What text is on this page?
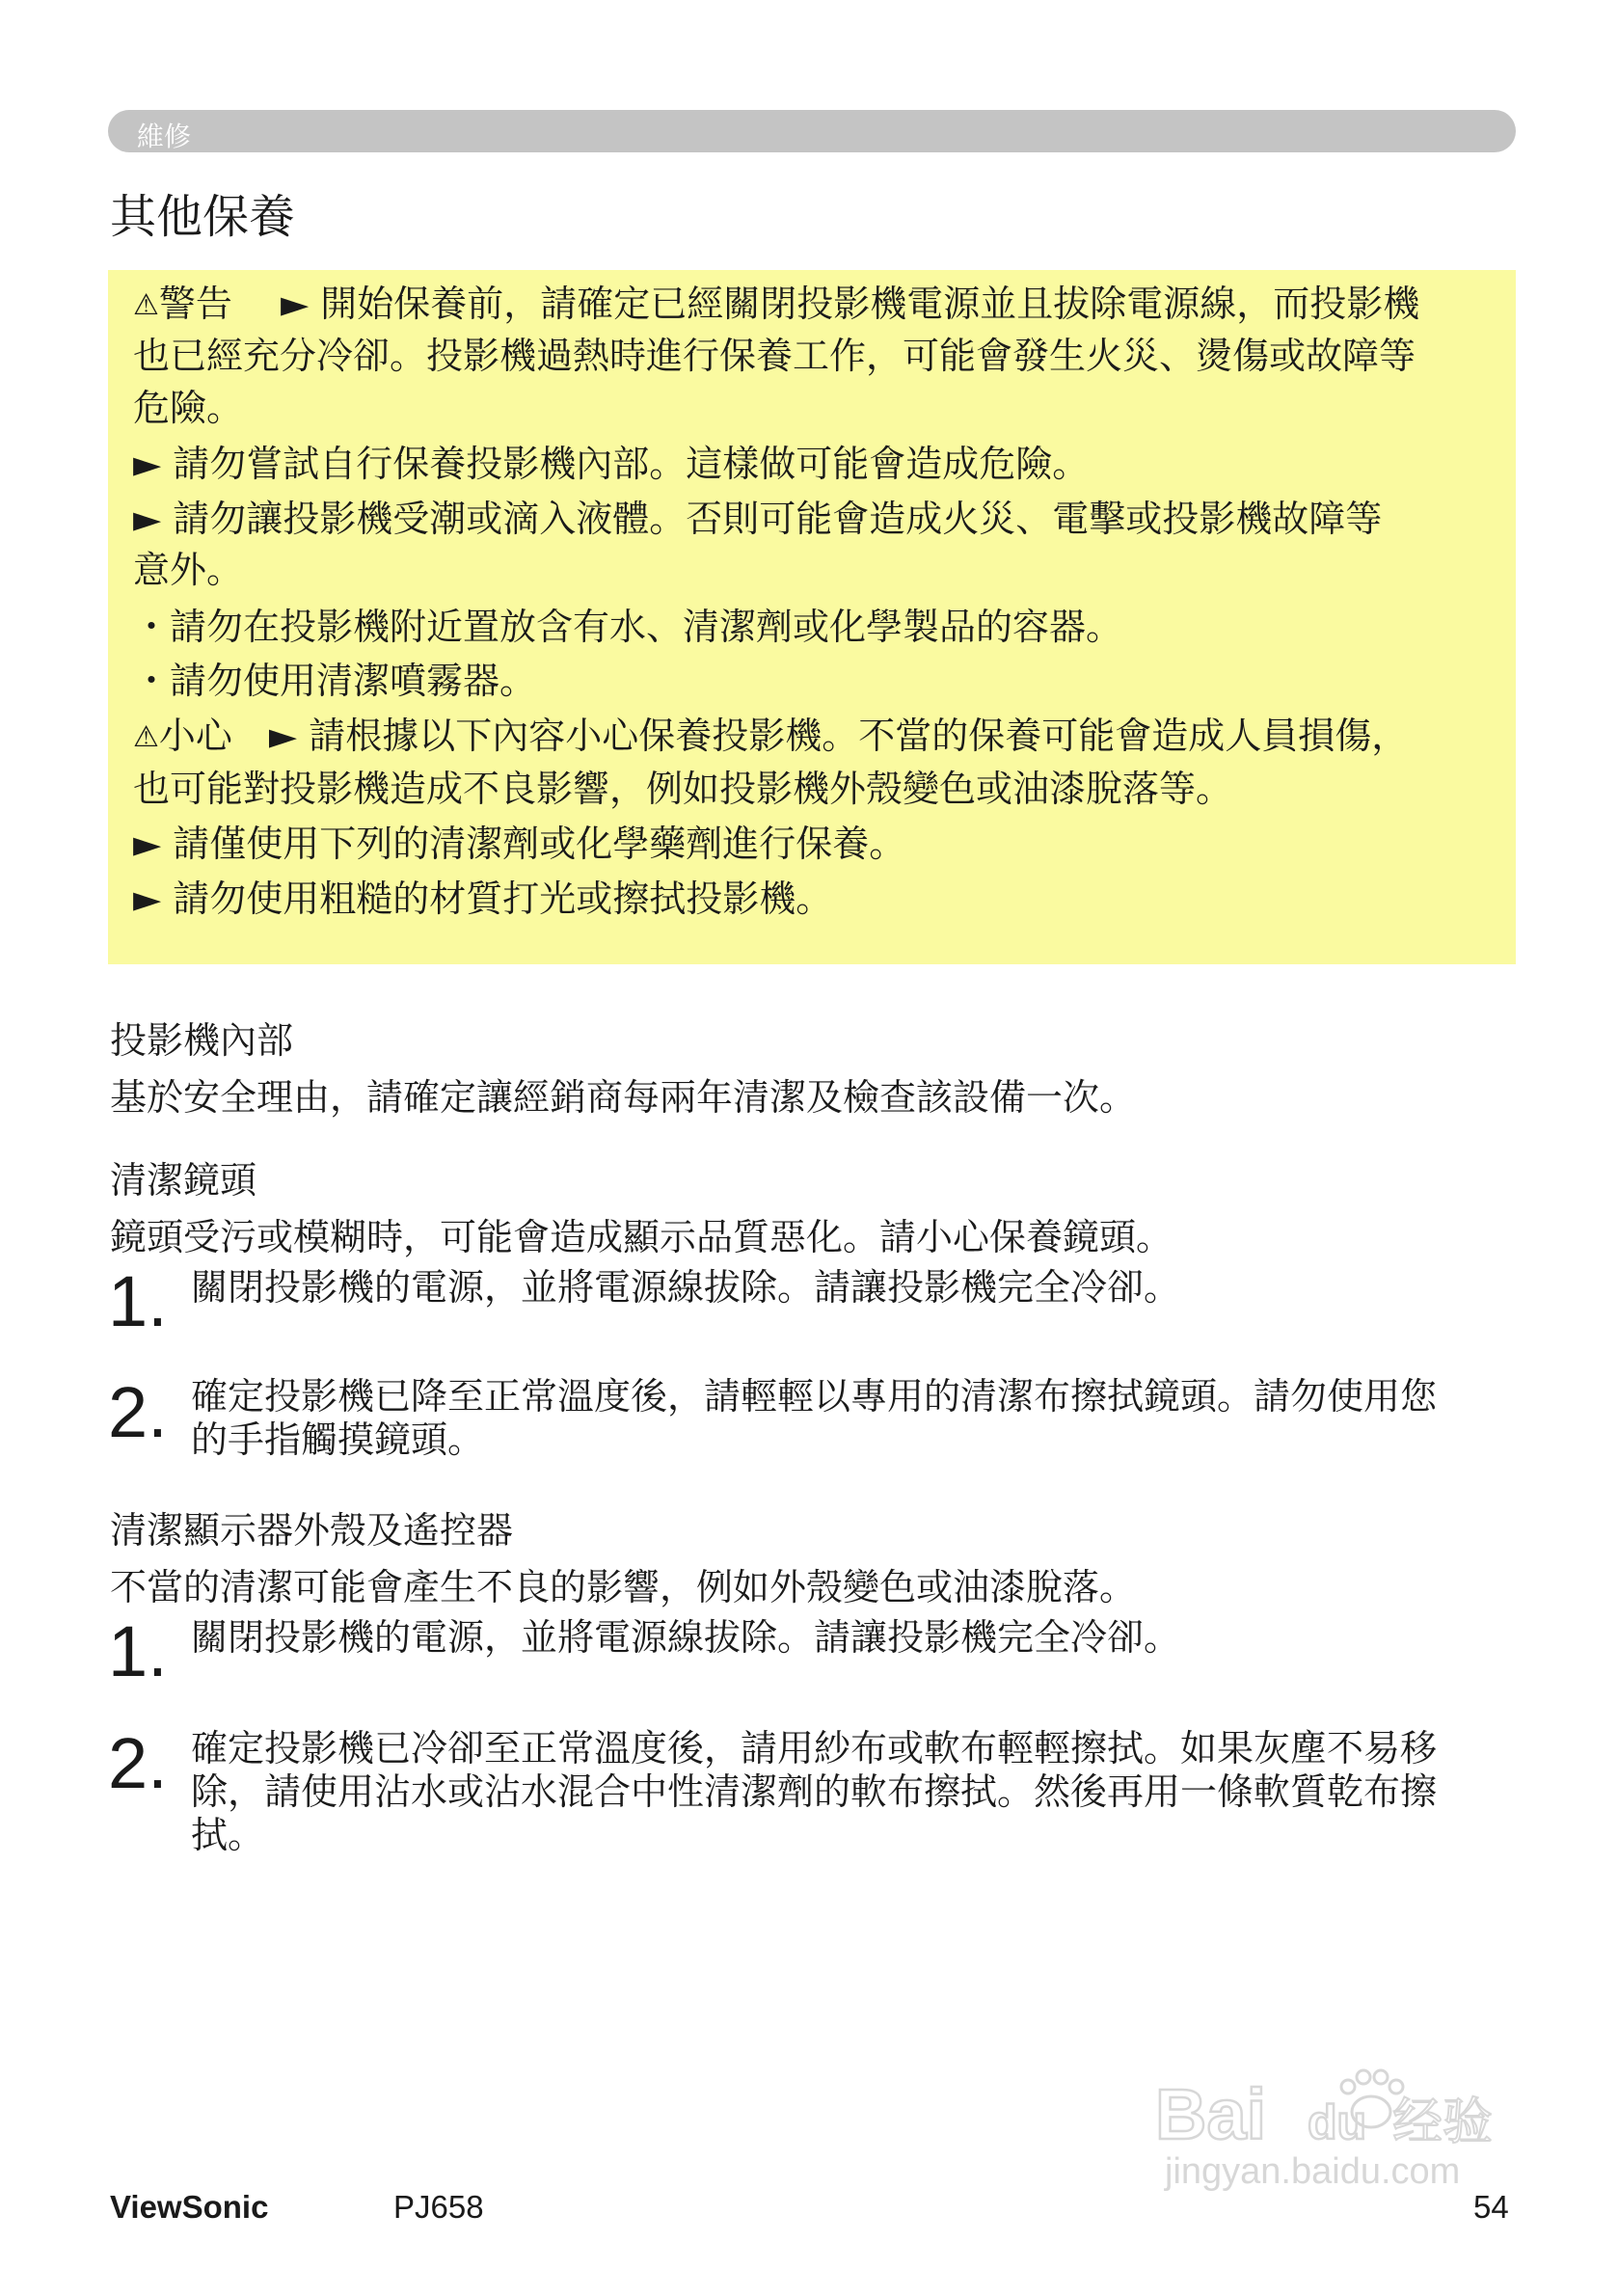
維修
其他保養
⚠警告　 ► 開始保養前，請確定已經關閉投影機電源並且拔除電源線，而投影機
也已經充分冷卻。投影機過熱時進行保養工作，可能會發生火災、燙傷或故障等
危險。
► 請勿嘗試自行保養投影機內部。這樣做可能會造成危險。
► 請勿讓投影機受潮或滴入液體。否則可能會造成火災、電擊或投影機故障等
意外。
・請勿在投影機附近置放含有水、清潔劑或化學製品的容器。
・請勿使用清潔噴霧器。
⚠小心　► 請根據以下內容小心保養投影機。不當的保養可能會造成人員損傷，
也可能對投影機造成不良影響，例如投影機外殼變色或油漆脫落等。
► 請僅使用下列的清潔劑或化學藥劑進行保養。
► 請勿使用粗糙的材質打光或擦拭投影機。
投影機內部
基於安全理由，請確定讓經銷商每兩年清潔及檢查該設備一次。
清潔鏡頭
鏡頭受污或模糊時，可能會造成顯示品質惡化。請小心保養鏡頭。
1. 關閉投影機的電源，並將電源線拔除。請讓投影機完全冷卻。
2. 確定投影機已降至正常溫度後，請輕輕以專用的清潔布擦拭鏡頭。請勿使用您
的手指觸摸鏡頭。
清潔顯示器外殼及遙控器
不當的清潔可能會產生不良的影響，例如外殼變色或油漆脫落。
1. 關閉投影機的電源，並將電源線拔除。請讓投影機完全冷卻。
2. 確定投影機已冷卻至正常溫度後，請用紗布或軟布輕輕擦拭。如果灰塵不易移
除，請使用沾水或沾水混合中性清潔劑的軟布擦拭。然後再用一條軟質乾布擦
拭。
Bai du 经验
jingyan.baidu.com
ViewSonic	PJ658	54
